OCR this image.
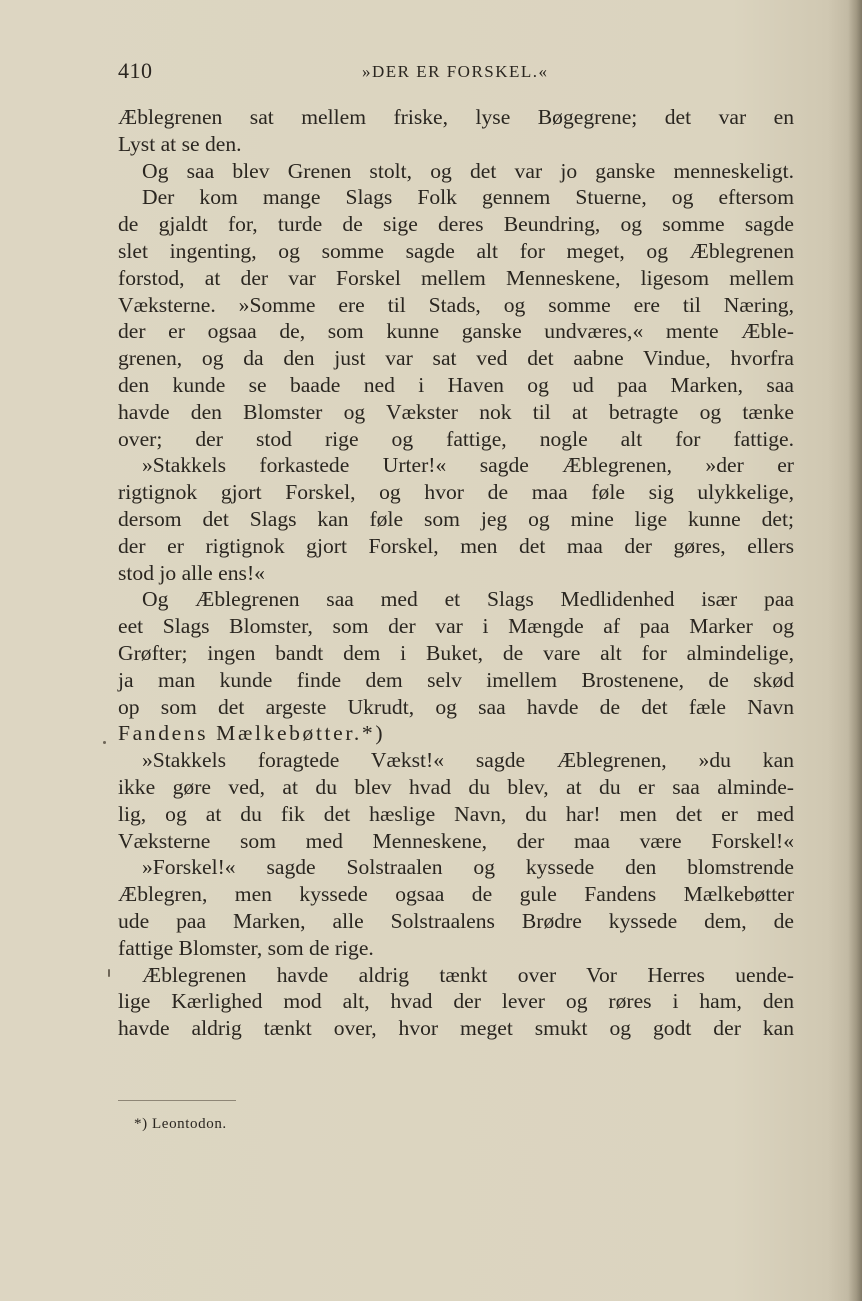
410	»DER ER FORSKEL.«
Æblegrenen sat mellem friske, lyse Bøgegrene; det var en
Lyst at se den.
Og saa blev Grenen stolt, og det var jo ganske menneskeligt.
Der kom mange Slags Folk gennem Stuerne, og eftersom
de gjaldt for, turde de sige deres Beundring, og somme sagde
slet ingenting, og somme sagde alt for meget, og Æblegrenen
forstod, at der var Forskel mellem Menneskene, ligesom mellem
Væksterne. »Somme ere til Stads, og somme ere til Næring,
der er ogsaa de, som kunne ganske undværes,« mente Æble-
grenen, og da den just var sat ved det aabne Vindue, hvorfra
den kunde se baade ned i Haven og ud paa Marken, saa
havde den Blomster og Vækster nok til at betragte og tænke
over; der stod rige og fattige, nogle alt for fattige.
»Stakkels forkastede Urter!« sagde Æblegrenen, »der er
rigtignok gjort Forskel, og hvor de maa føle sig ulykkelige,
dersom det Slags kan føle som jeg og mine lige kunne det;
der er rigtignok gjort Forskel, men det maa der gøres, ellers
stod jo alle ens!«
Og Æblegrenen saa med et Slags Medlidenhed især paa
eet Slags Blomster, som der var i Mængde af paa Marker og
Grøfter; ingen bandt dem i Buket, de vare alt for almindelige,
ja man kunde finde dem selv imellem Brostenene, de skød
op som det argeste Ukrudt, og saa havde de det fæle Navn
Fandens Mælkebøtter.*)
»Stakkels foragtede Vækst!« sagde Æblegrenen, »du kan
ikke gøre ved, at du blev hvad du blev, at du er saa alminde-
lig, og at du fik det hæslige Navn, du har! men det er med
Væksterne som med Menneskene, der maa være Forskel!«
»Forskel!« sagde Solstraalen og kyssede den blomstrende
Æblegren, men kyssede ogsaa de gule Fandens Mælkebøtter
ude paa Marken, alle Solstraalens Brødre kyssede dem, de
fattige Blomster, som de rige.
Æblegrenen havde aldrig tænkt over Vor Herres uende-
lige Kærlighed mod alt, hvad der lever og røres i ham, den
havde aldrig tænkt over, hvor meget smukt og godt der kan
*) Leontodon.
